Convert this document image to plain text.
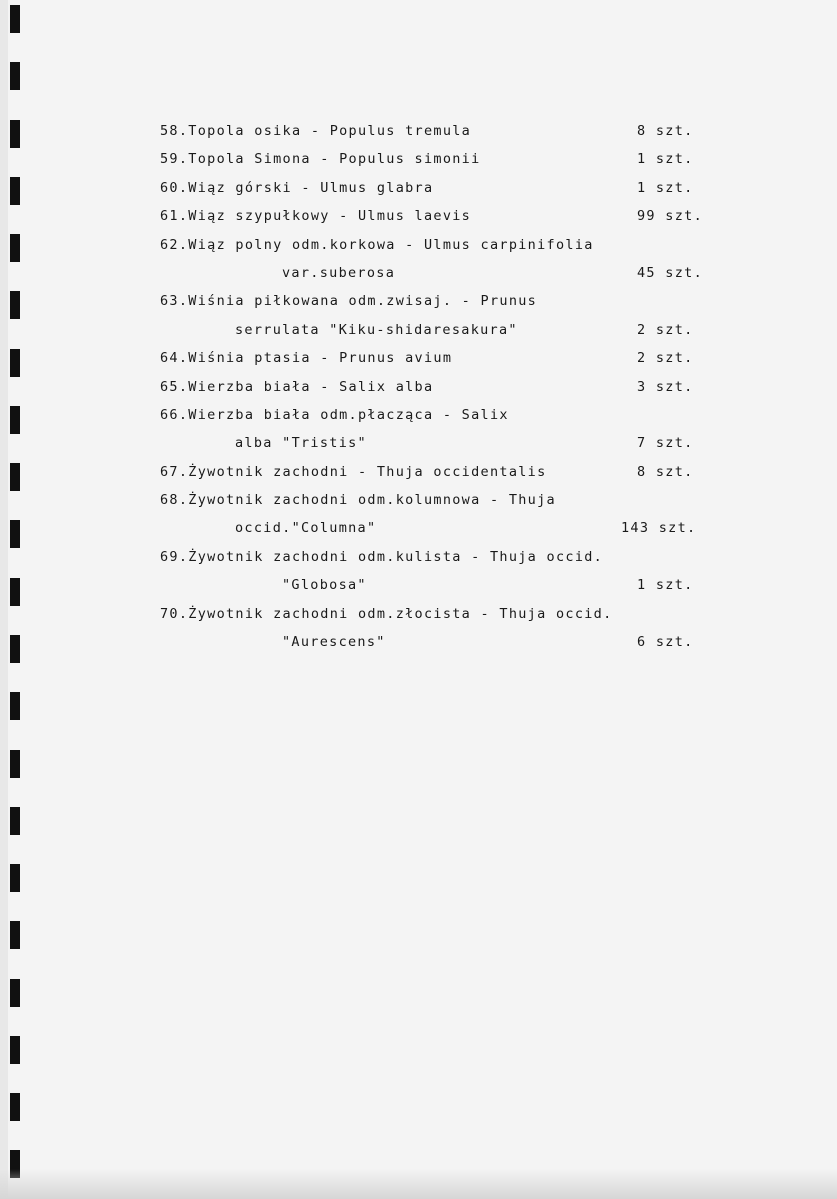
58.Topola osika - Populus tremula	8 szt.
59.Topola Simona - Populus simonii	1 szt.
60.Wiąz górski - Ulmus glabra	1 szt.
61.Wiąz szypułkowy - Ulmus laevis	99 szt.
62.Wiąz polny odm.korkowa - Ulmus carpinifolia
var.suberosa	45 szt.
63.Wiśnia piłkowana odm.zwisaj. - Prunus
serrulata "Kiku-shidaresakura"	2 szt.
64.Wiśnia ptasia - Prunus avium	2 szt.
65.Wierzba biała - Salix alba	3 szt.
66.Wierzba biała odm.płacząca - Salix
alba "Tristis"	7 szt.
67.Żywotnik zachodni - Thuja occidentalis	8 szt.
68.Żywotnik zachodni odm.kolumnowa - Thuja
occid."Columna"	143 szt.
69.Żywotnik zachodni odm.kulista - Thuja occid.
"Globosa"	1 szt.
70.Żywotnik zachodni odm.złocista - Thuja occid.
"Aurescens"	6 szt.
